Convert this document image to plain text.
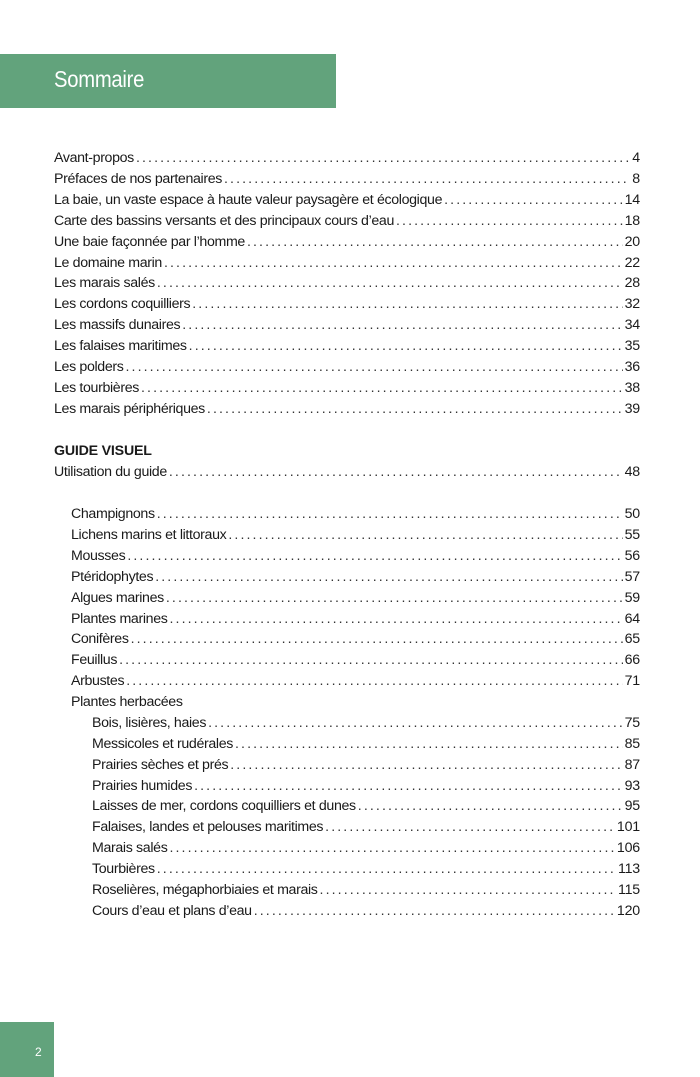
Sommaire
Avant-propos .....	4
Préfaces de nos partenaires .....	8
La baie, un vaste espace à haute valeur paysagère et écologique .....	14
Carte des bassins versants et des principaux cours d’eau .....	18
Une baie façonnée par l’homme .....	20
Le domaine marin .....	22
Les marais salés .....	28
Les cordons coquilliers .....	32
Les massifs dunaires .....	34
Les falaises maritimes .....	35
Les polders .....	36
Les tourbières .....	38
Les marais périphériques .....	39
GUIDE VISUEL
Utilisation du guide .....	48
Champignons .....	50
Lichens marins et littoraux .....	55
Mousses .....	56
Ptéridophytes .....	57
Algues marines .....	59
Plantes marines .....	64
Conifères .....	65
Feuillus .....	66
Arbustes .....	71
Plantes herbacées
Bois, lisières, haies .....	75
Messicoles et rudérales .....	85
Prairies sèches et prés .....	87
Prairies humides .....	93
Laisses de mer, cordons coquilliers et dunes .....	95
Falaises, landes et pelouses maritimes .....	101
Marais salés .....	106
Tourbières .....	113
Roselières, mégaphorbiaies et marais .....	115
Cours d’eau et plans d’eau .....	120
2
